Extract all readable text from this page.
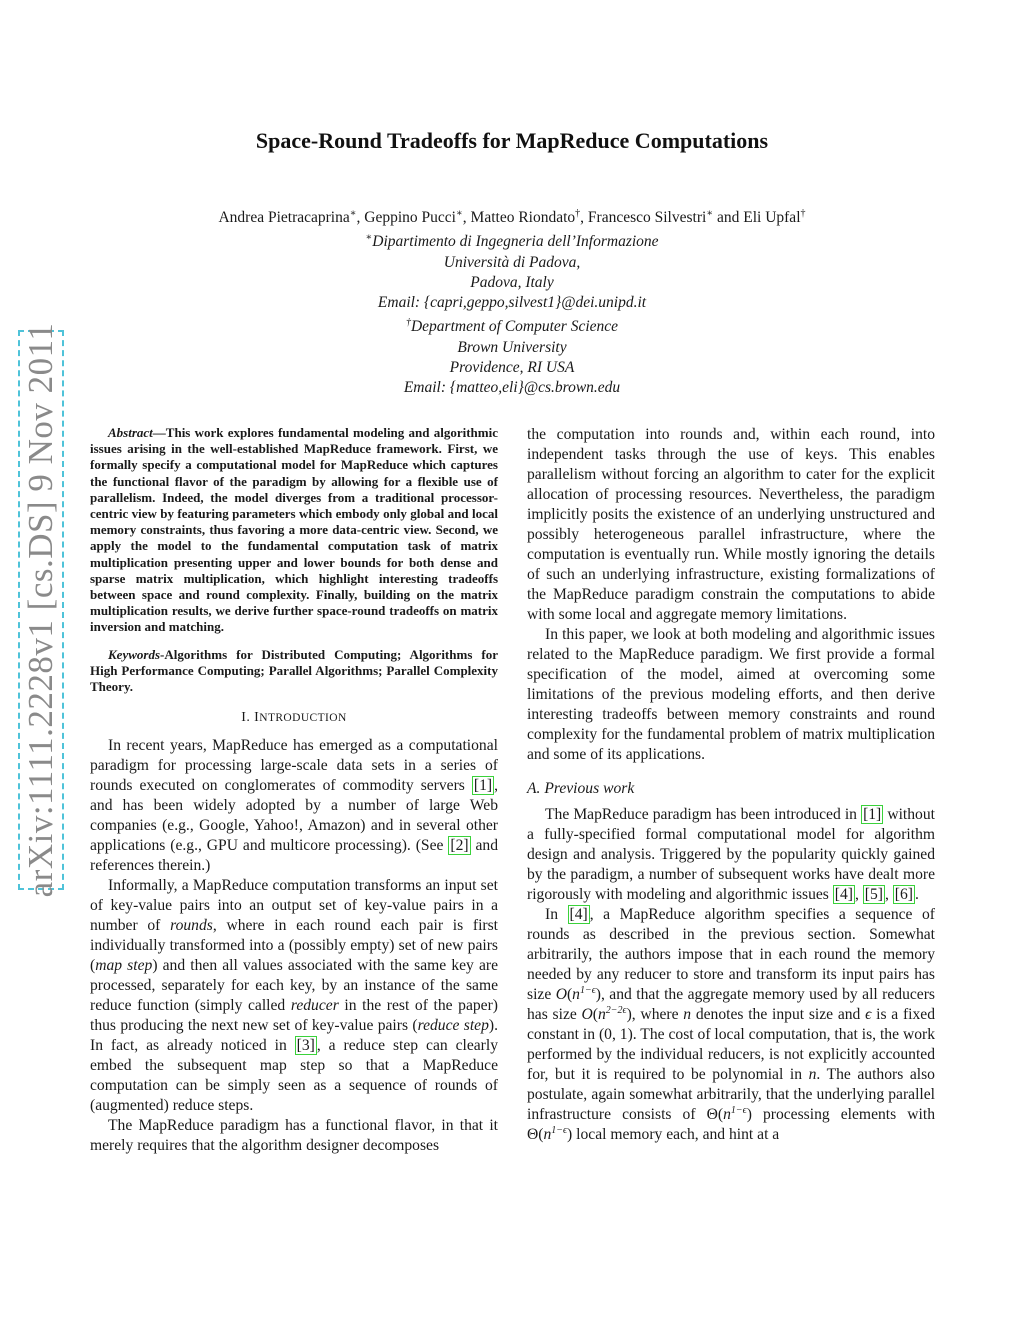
arXiv:1111.2228v1 [cs.DS] 9 Nov 2011
Space-Round Tradeoffs for MapReduce Computations
Andrea Pietracaprina∗, Geppino Pucci∗, Matteo Riondato†, Francesco Silvestri∗ and Eli Upfal†
∗Dipartimento di Ingegneria dell’Informazione
Università di Padova,
Padova, Italy
Email: {capri,geppo,silvest1}@dei.unipd.it
†Department of Computer Science
Brown University
Providence, RI USA
Email: {matteo,eli}@cs.brown.edu

Abstract—This work explores fundamental modeling and algorithmic issues arising in the well-established MapReduce framework. First, we formally specify a computational model for MapReduce which captures the functional flavor of the paradigm by allowing for a flexible use of parallelism. Indeed, the model diverges from a traditional processor-centric view by featuring parameters which embody only global and local memory constraints, thus favoring a more data-centric view. Second, we apply the model to the fundamental computation task of matrix multiplication presenting upper and lower bounds for both dense and sparse matrix multiplication, which highlight interesting tradeoffs between space and round complexity. Finally, building on the matrix multiplication results, we derive further space-round tradeoffs on matrix inversion and matching.

Keywords-Algorithms for Distributed Computing; Algorithms for High Performance Computing; Parallel Algorithms; Parallel Complexity Theory.

I. INTRODUCTION

In recent years, MapReduce has emerged as a computational paradigm for processing large-scale data sets in a series of rounds executed on conglomerates of commodity servers [1] , and has been widely adopted by a number of large Web companies (e.g., Google, Yahoo!, Amazon) and in several other applications (e.g., GPU and multicore processing). (See [2] and references therein.)

Informally, a MapReduce computation transforms an input set of key-value pairs into an output set of key-value pairs in a number of rounds, where in each round each pair is first individually transformed into a (possibly empty) set of new pairs (map step) and then all values associated with the same key are processed, separately for each key, by an instance of the same reduce function (simply called reducer in the rest of the paper) thus producing the next new set of key-value pairs (reduce step). In fact, as already noticed in [3] , a reduce step can clearly embed the subsequent map step so that a MapReduce computation can be simply seen as a sequence of rounds of (augmented) reduce steps.

The MapReduce paradigm has a functional flavor, in that it merely requires that the algorithm designer decomposes

the computation into rounds and, within each round, into independent tasks through the use of keys. This enables parallelism without forcing an algorithm to cater for the explicit allocation of processing resources. Nevertheless, the paradigm implicitly posits the existence of an underlying unstructured and possibly heterogeneous parallel infrastructure, where the computation is eventually run. While mostly ignoring the details of such an underlying infrastructure, existing formalizations of the MapReduce paradigm constrain the computations to abide with some local and aggregate memory limitations.

In this paper, we look at both modeling and algorithmic issues related to the MapReduce paradigm. We first provide a formal specification of the model, aimed at overcoming some limitations of the previous modeling efforts, and then derive interesting tradeoffs between memory constraints and round complexity for the fundamental problem of matrix multiplication and some of its applications.

A. Previous work

The MapReduce paradigm has been introduced in [1] without a fully-specified formal computational model for algorithm design and analysis. Triggered by the popularity quickly gained by the paradigm, a number of subsequent works have dealt more rigorously with modeling and algorithmic issues [4] , [5] , [6] .

In [4] , a MapReduce algorithm specifies a sequence of rounds as described in the previous section. Somewhat arbitrarily, the authors impose that in each round the memory needed by any reducer to store and transform its input pairs has size $O(n^{1-\epsilon})$, and that the aggregate memory used by all reducers has size $O(n^{2-2\epsilon})$, where n denotes the input size and ϵ is a fixed constant in (0, 1). The cost of local computation, that is, the work performed by the individual reducers, is not explicitly accounted for, but it is required to be polynomial in n. The authors also postulate, again somewhat arbitrarily, that the underlying parallel infrastructure consists of $\Theta(n^{1-\epsilon})$ processing elements with $\Theta(n^{1-\epsilon})$ local memory each, and hint at a
